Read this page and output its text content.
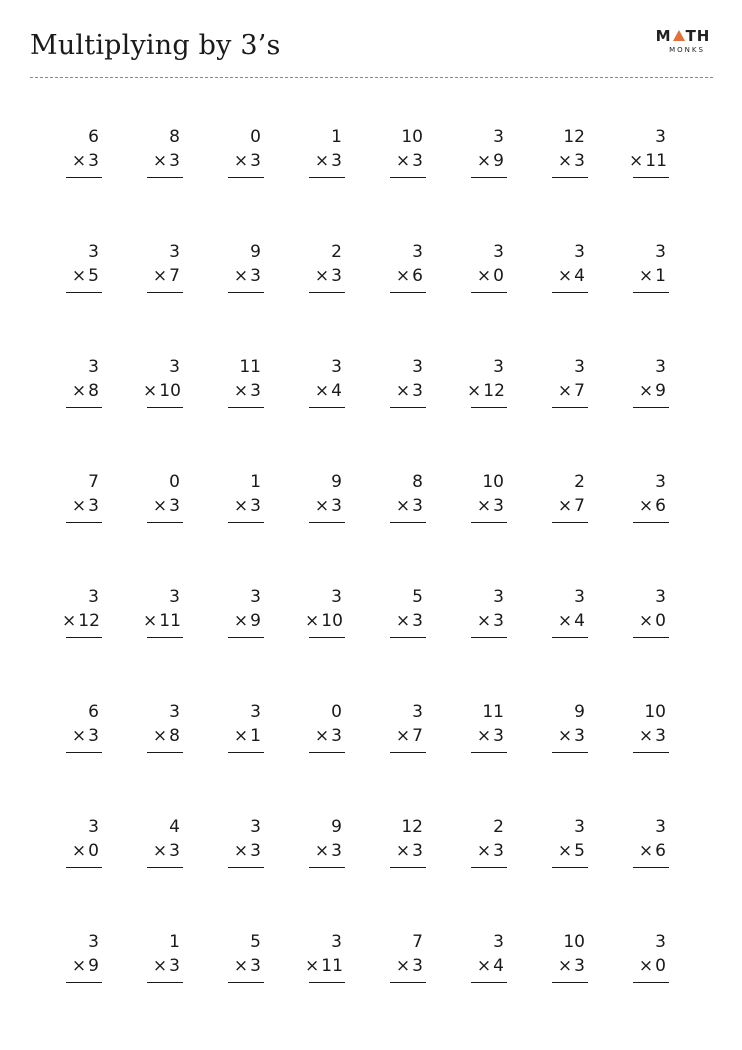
Multiplying by 3’s	M TH
MONKS
6
× 3
8
× 3
0
× 3
1
× 3
10
× 3
3
× 9
12
× 3
3
× 11
3
× 5
3
× 7
9
× 3
2
× 3
3
× 6
3
× 0
3
× 4
3
× 1
3
× 8
3
× 10
11
× 3
3
× 4
3
× 3
3
× 12
3
× 7
3
× 9
7
× 3
0
× 3
1
× 3
9
× 3
8
× 3
10
× 3
2
× 7
3
× 6
3
× 12
3
× 11
3
× 9
3
× 10
5
× 3
3
× 3
3
× 4
3
× 0
6
× 3
3
× 8
3
× 1
0
× 3
3
× 7
11
× 3
9
× 3
10
× 3
3
× 0
4
× 3
3
× 3
9
× 3
12
× 3
2
× 3
3
× 5
3
× 6
3
× 9
1
× 3
5
× 3
3
× 11
7
× 3
3
× 4
10
× 3
3
× 0
